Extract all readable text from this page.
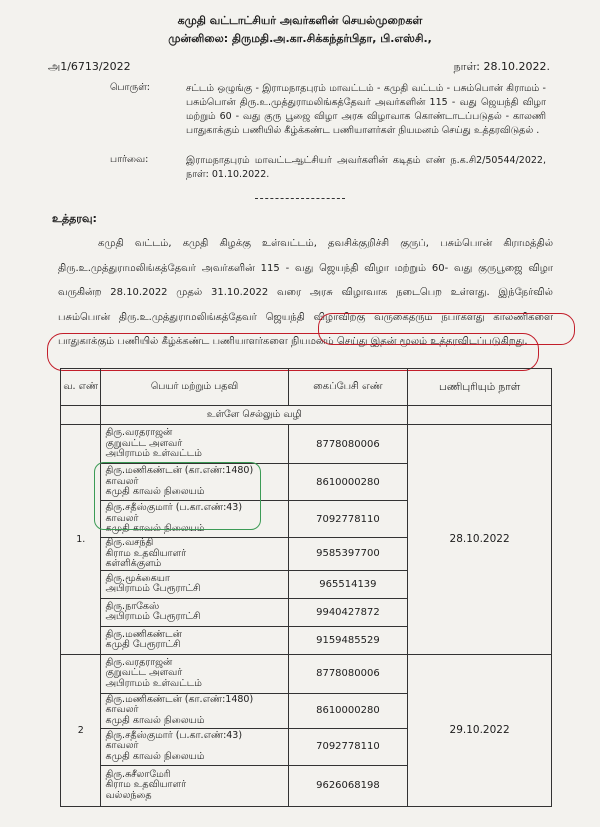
கமுதி வட்டாட்சியர் அவர்களின் செயல்முறைகள்
முன்னிலை: திருமதி.அ.கா.சிக்கந்தர்பிதா, பி.எஸ்சி.,
அ1/6713/2022	நாள்: 28.10.2022.
பொருள்:	சட்டம் ஒழுங்கு - இராமநாதபுரம் மாவட்டம் - கமுதி வட்டம் - பசும்பொன் கிராமம் - பசும்பொன் திரு.உ.முத்துராமலிங்கத்தேவர் அவர்களின் 115 - வது ஜெயந்தி விழா மற்றும் 60 - வது குரு பூஜை விழா அரசு விழாவாக கொண்டாடப்படுதல் - காலணி பாதுகாக்கும் பணியில் கீழ்க்கண்ட பணியாளர்கள் நியமனம் செய்து உத்தரவிடுதல் .
பார்வை:	இராமநாதபுரம் மாவட்டஆட்சியர் அவர்களின் கடிதம் எண் ந.க.சி2/50544/2022, நாள்: 01.10.2022.
உத்தரவு:
கமுதி வட்டம், கமுதி கிழக்கு உள்வட்டம், தவசிக்குறிச்சி குருப், பசும்பொன் கிராமத்தில் திரு.உ.முத்துராமலிங்கத்தேவர் அவர்களின் 115 - வது ஜெயந்தி விழா மற்றும் 60- வது குருபூஜை விழா வருகின்ற 28.10.2022 முதல் 31.10.2022 வரை அரசு விழாவாக நடைபெற உள்ளது. இந்நேர்வில் பசும்பொன் திரு.உ.முத்துராமலிங்கத்தேவர் ஜெயந்தி விழாவிற்கு வருகைதரும் நபர்களது காலணிகளை பாதுகாக்கும் பணியில் கீழ்க்கண்ட பணியாளர்களை நியமனம் செய்து இதன் மூலம் உத்தரவிடப்படுகிறது.
வ. எண்	பெயர் மற்றும் பதவி	கைப்பேசி எண்	பணிபுரியும் நாள்
	உள்ளே செல்லும் வழி		
1.	திரு.வரதராஜன்
குறுவட்ட அளவர்
அபிராமம் உள்வட்டம்	8778080006	28.10.2022

	திரு.மணிகண்டன் (கா.எண்:1480)
காவலர்
கமுதி காவல் நிலையம்	8610000280	

	திரு.சதீஸ்குமார் (ப.கா.எண்:43)
காவலர்
கமுதி காவல் நிலையம்	7092778110	

	திரு.வசந்தி
கிராம உதவியாளர்
கள்ளிக்குளம்	9585397700	

	திரு.மூக்கையா
அபிராமம் பேரூராட்சி	965514139	

	திரு.நாகேஸ்
அபிராமம் பேரூராட்சி	9940427872	

	திரு.மணிகண்டன்
கமுதி பேரூராட்சி	9159485529	
2	திரு.வரதராஜன்
குறுவட்ட அளவர்
அபிராமம் உள்வட்டம்	8778080006	29.10.2022

	திரு.மணிகண்டன் (கா.எண்:1480)
காவலர்
கமுதி காவல் நிலையம்	8610000280	

	திரு.சதீஸ்குமார் (ப.கா.எண்:43)
காவலர்
கமுதி காவல் நிலையம்	7092778110	

	திரு.சுசீலாமேரி
கிராம உதவியாளர்
வல்லந்தை	9626068198	
